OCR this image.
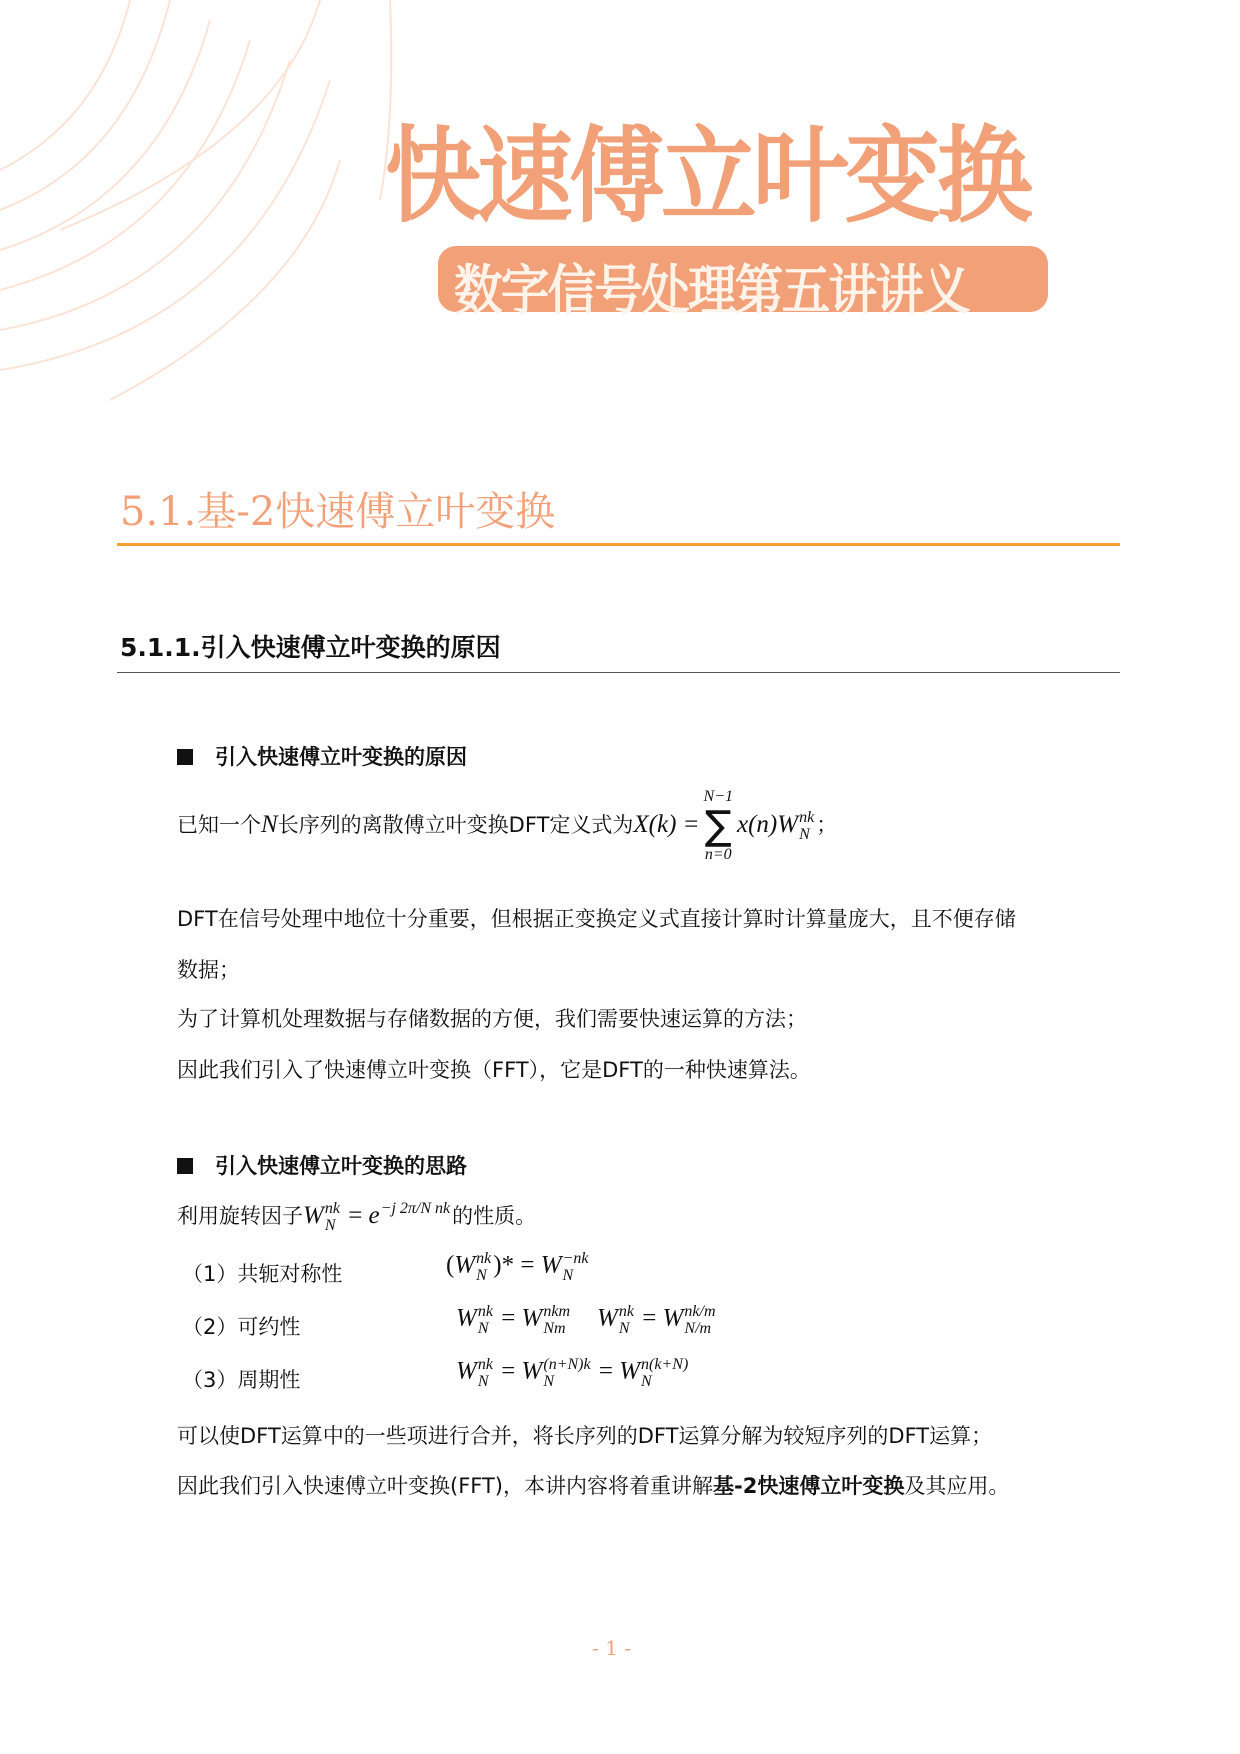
快速傅立叶变换
数字信号处理第五讲讲义
5.1.基-2快速傅立叶变换
5.1.1.引入快速傅立叶变换的原因
引入快速傅立叶变换的原因
已知一个N长序列的离散傅立叶变换DFT定义式为X(k) =
N−1
∑
n=0
x(n)W nk
N ；
DFT在信号处理中地位十分重要，但根据正变换定义式直接计算时计算量庞大，且不便存储
数据；
为了计算机处理数据与存储数据的方便，我们需要快速运算的方法；
因此我们引入了快速傅立叶变换（FFT），它是DFT的一种快速算法。
引入快速傅立叶变换的思路
利用旋转因子W nk
N = e −j 2π/N nk
的性质。
（1）共轭对称性	(W nk
N )* = W −nk
N
（2）可约性	W nk
N = W nkm
Nm W nk
N = W nk/m
N/m
（3）周期性	W nk
N = W (n+N)k
N	= W n(k+N)
N
可以使DFT运算中的一些项进行合并，将长序列的DFT运算分解为较短序列的DFT运算；
因此我们引入快速傅立叶变换(FFT)，本讲内容将着重讲解基-2快速傅立叶变换及其应用。
- 1 -
